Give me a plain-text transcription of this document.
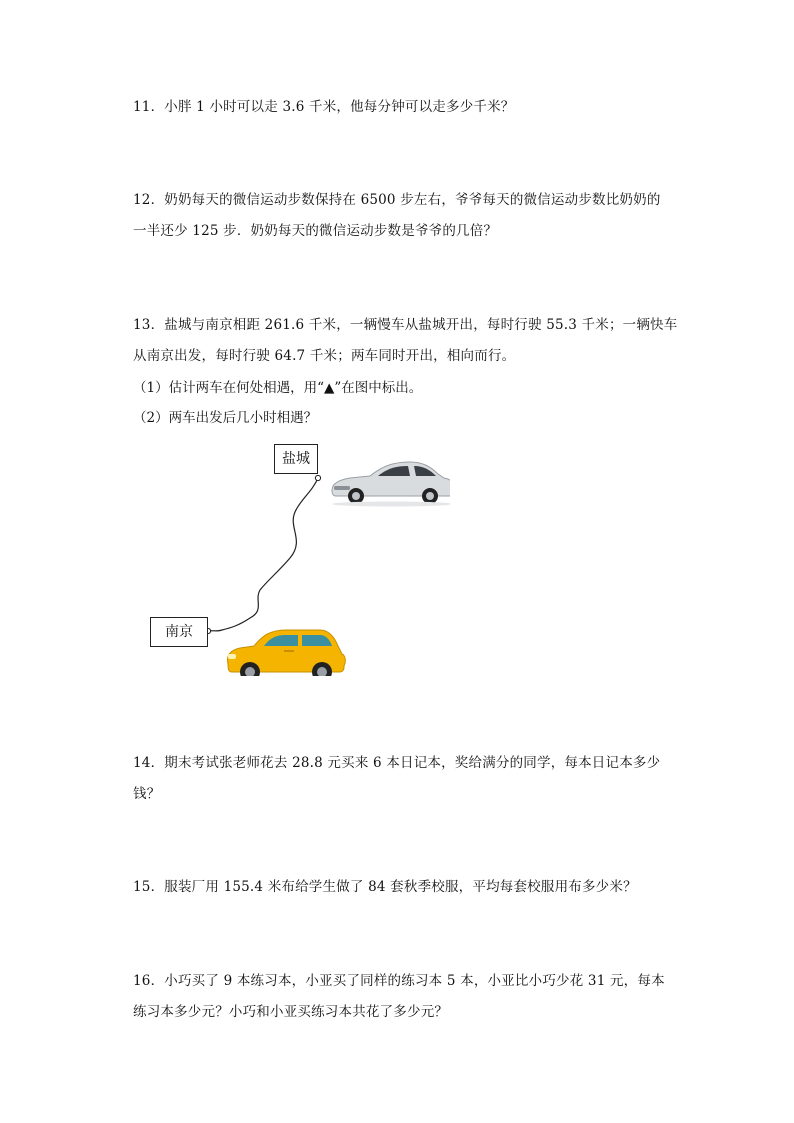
11．小胖 1 小时可以走 3.6 千米，他每分钟可以走多少千米？
12．奶奶每天的微信运动步数保持在 6500 步左右，爷爷每天的微信运动步数比奶奶的
一半还少 125 步．奶奶每天的微信运动步数是爷爷的几倍？
13．盐城与南京相距 261.6 千米，一辆慢车从盐城开出，每时行驶 55.3 千米；一辆快车
从南京出发，每时行驶 64.7 千米；两车同时开出，相向而行。
（1）估计两车在何处相遇，用“▲”在图中标出。
（2）两车出发后几小时相遇？
盐城
南京
14．期末考试张老师花去 28.8 元买来 6 本日记本，奖给满分的同学，每本日记本多少
钱？
15．服装厂用 155.4 米布给学生做了 84 套秋季校服，平均每套校服用布多少米？
16．小巧买了 9 本练习本，小亚买了同样的练习本 5 本，小亚比小巧少花 31 元，每本
练习本多少元？小巧和小亚买练习本共花了多少元？
